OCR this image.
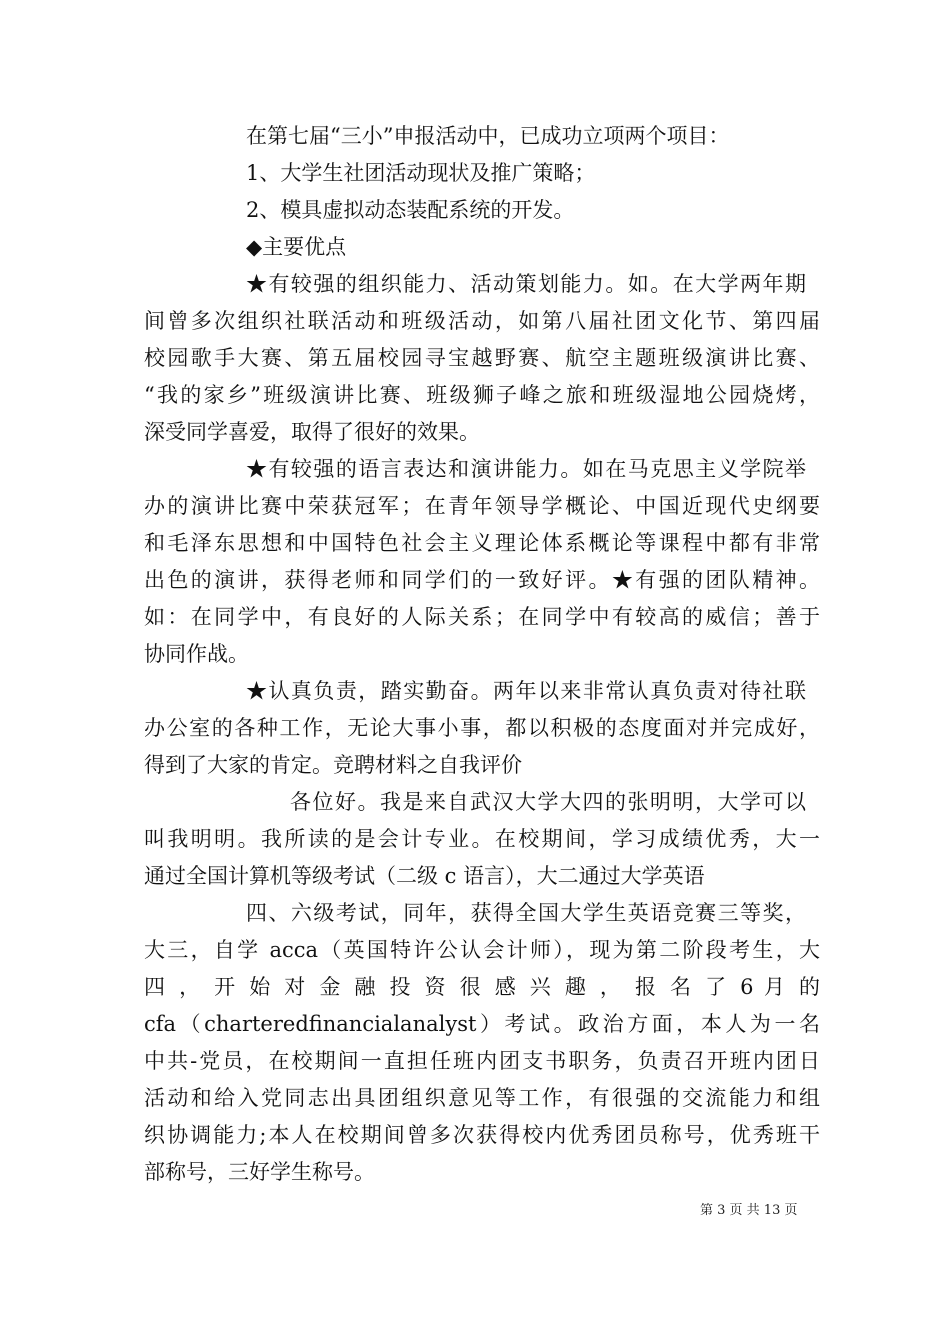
在第七届“三小”申报活动中，已成功立项两个项目：
1、大学生社团活动现状及推广策略；
2、模具虚拟动态装配系统的开发。
◆主要优点
★有较强的组织能力、活动策划能力。如。在大学两年期
间曾多次组织社联活动和班级活动，如第八届社团文化节、第四届
校园歌手大赛、第五届校园寻宝越野赛、航空主题班级演讲比赛、
“我的家乡”班级演讲比赛、班级狮子峰之旅和班级湿地公园烧烤，
深受同学喜爱，取得了很好的效果。
★有较强的语言表达和演讲能力。如在马克思主义学院举
办的演讲比赛中荣获冠军；在青年领导学概论、中国近现代史纲要
和毛泽东思想和中国特色社会主义理论体系概论等课程中都有非常
出色的演讲，获得老师和同学们的一致好评。★有强的团队精神。
如：在同学中，有良好的人际关系；在同学中有较高的威信；善于
协同作战。
★认真负责，踏实勤奋。两年以来非常认真负责对待社联
办公室的各种工作，无论大事小事，都以积极的态度面对并完成好，
得到了大家的肯定。竞聘材料之自我评价
各位好。我是来自武汉大学大四的张明明，大学可以
叫我明明。我所读的是会计专业。在校期间，学习成绩优秀，大一
通过全国计算机等级考试（二级 c 语言），大二通过大学英语
四、六级考试，同年，获得全国大学生英语竞赛三等奖，
大三，自学 acca（英国特许公认会计师），现为第二阶段考生，大
四 ， 开 始 对 金 融 投 资 很 感 兴 趣 ， 报 名 了 6 月 的
cfa（charteredfinancialanalyst）考试。政治方面，本人为一名
中共-党员，在校期间一直担任班内团支书职务，负责召开班内团日
活动和给入党同志出具团组织意见等工作，有很强的交流能力和组
织协调能力;本人在校期间曾多次获得校内优秀团员称号，优秀班干
部称号，三好学生称号。
第 3 页 共 13 页
